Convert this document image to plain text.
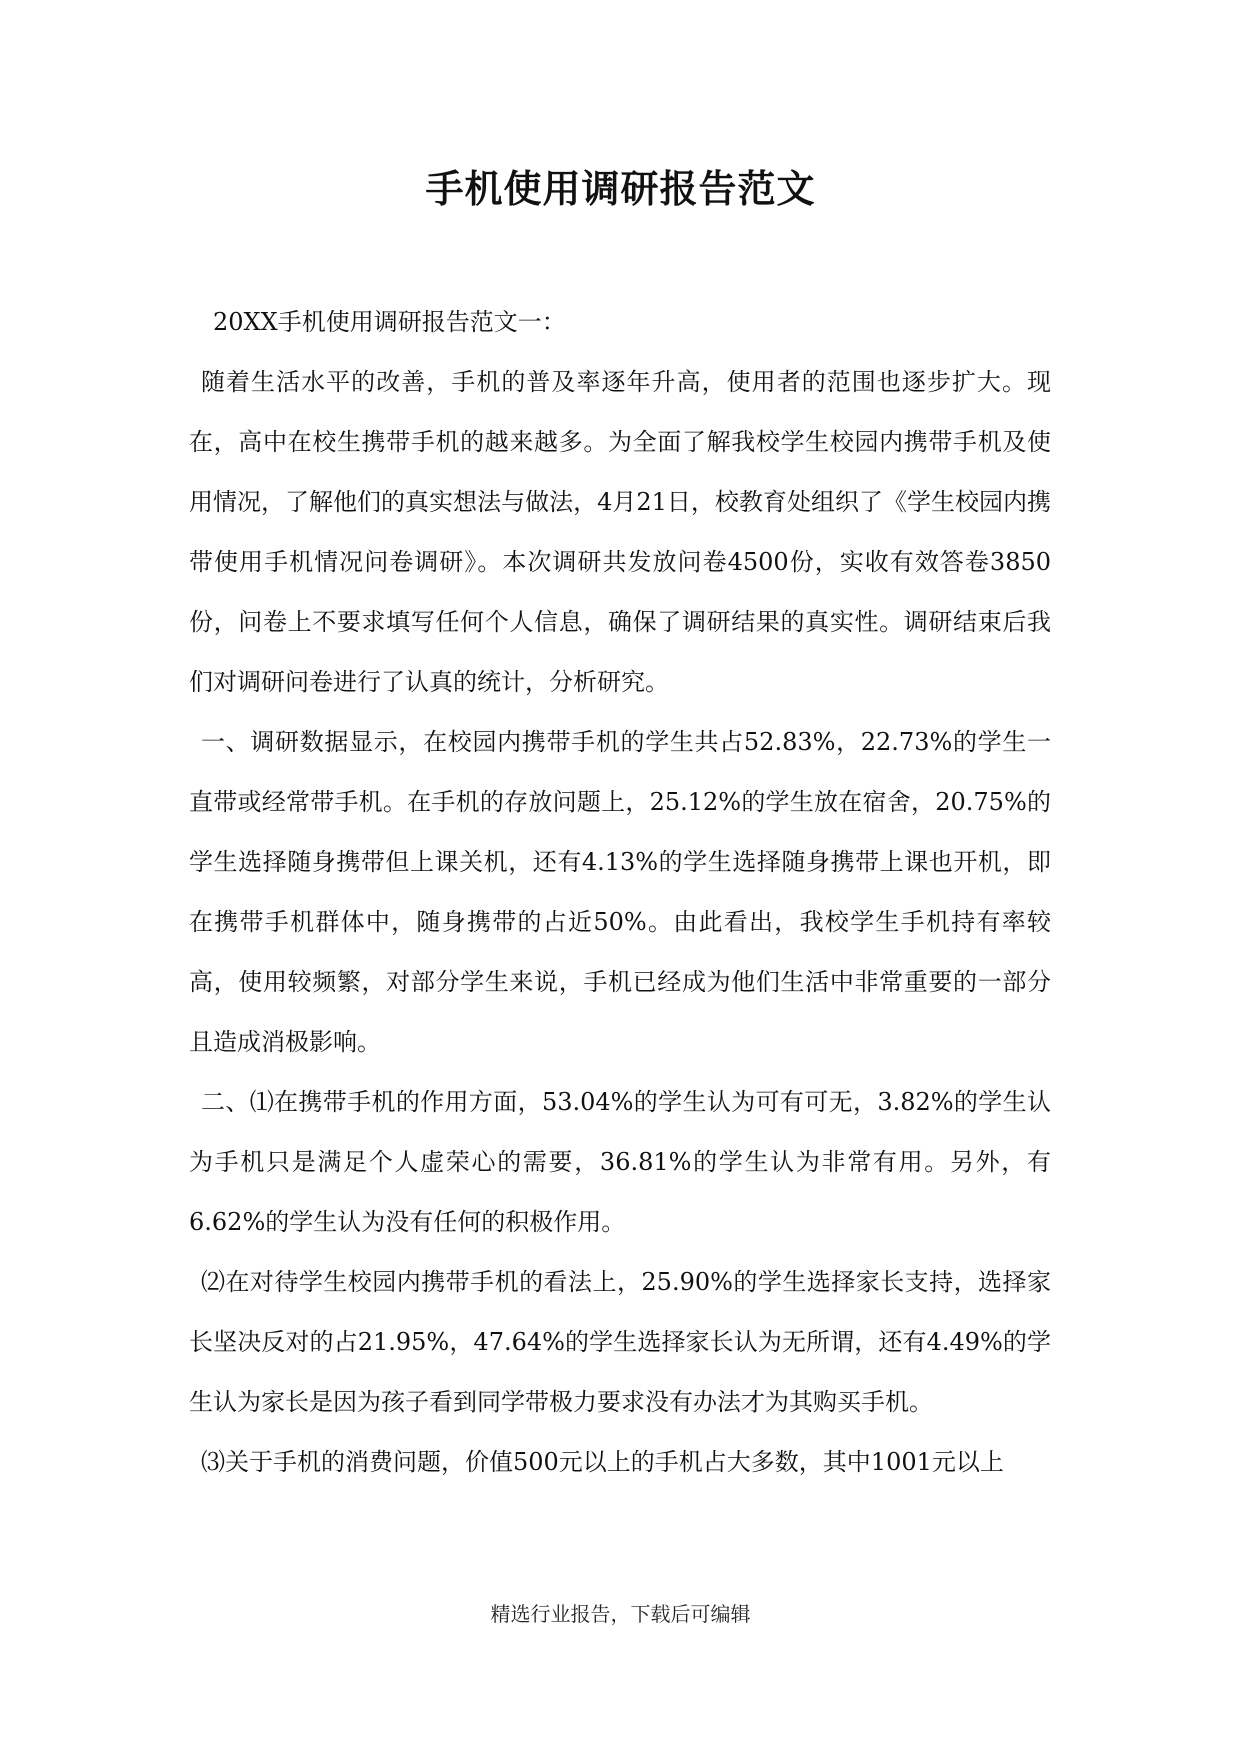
手机使用调研报告范文

20XX手机使用调研报告范文一：

随着生活水平的改善，手机的普及率逐年升高，使用者的范围也逐步扩大。现在，高中在校生携带手机的越来越多。为全面了解我校学生校园内携带手机及使用情况，了解他们的真实想法与做法，4月21日，校教育处组织了《学生校园内携带使用手机情况问卷调研》。本次调研共发放问卷4500份，实收有效答卷3850份，问卷上不要求填写任何个人信息，确保了调研结果的真实性。调研结束后我们对调研问卷进行了认真的统计，分析研究。

一、调研数据显示，在校园内携带手机的学生共占52.83%，22.73%的学生一直带或经常带手机。在手机的存放问题上，25.12%的学生放在宿舍，20.75%的学生选择随身携带但上课关机，还有4.13%的学生选择随身携带上课也开机，即在携带手机群体中，随身携带的占近50%。由此看出，我校学生手机持有率较高，使用较频繁，对部分学生来说，手机已经成为他们生活中非常重要的一部分且造成消极影响。

二、⑴在携带手机的作用方面，53.04%的学生认为可有可无，3.82%的学生认为手机只是满足个人虚荣心的需要，36.81%的学生认为非常有用。另外，有6.62%的学生认为没有任何的积极作用。

⑵在对待学生校园内携带手机的看法上，25.90%的学生选择家长支持，选择家长坚决反对的占21.95%，47.64%的学生选择家长认为无所谓，还有4.49%的学生认为家长是因为孩子看到同学带极力要求没有办法才为其购买手机。

⑶关于手机的消费问题，价值500元以上的手机占大多数，其中1001元以上

精选行业报告，下载后可编辑
